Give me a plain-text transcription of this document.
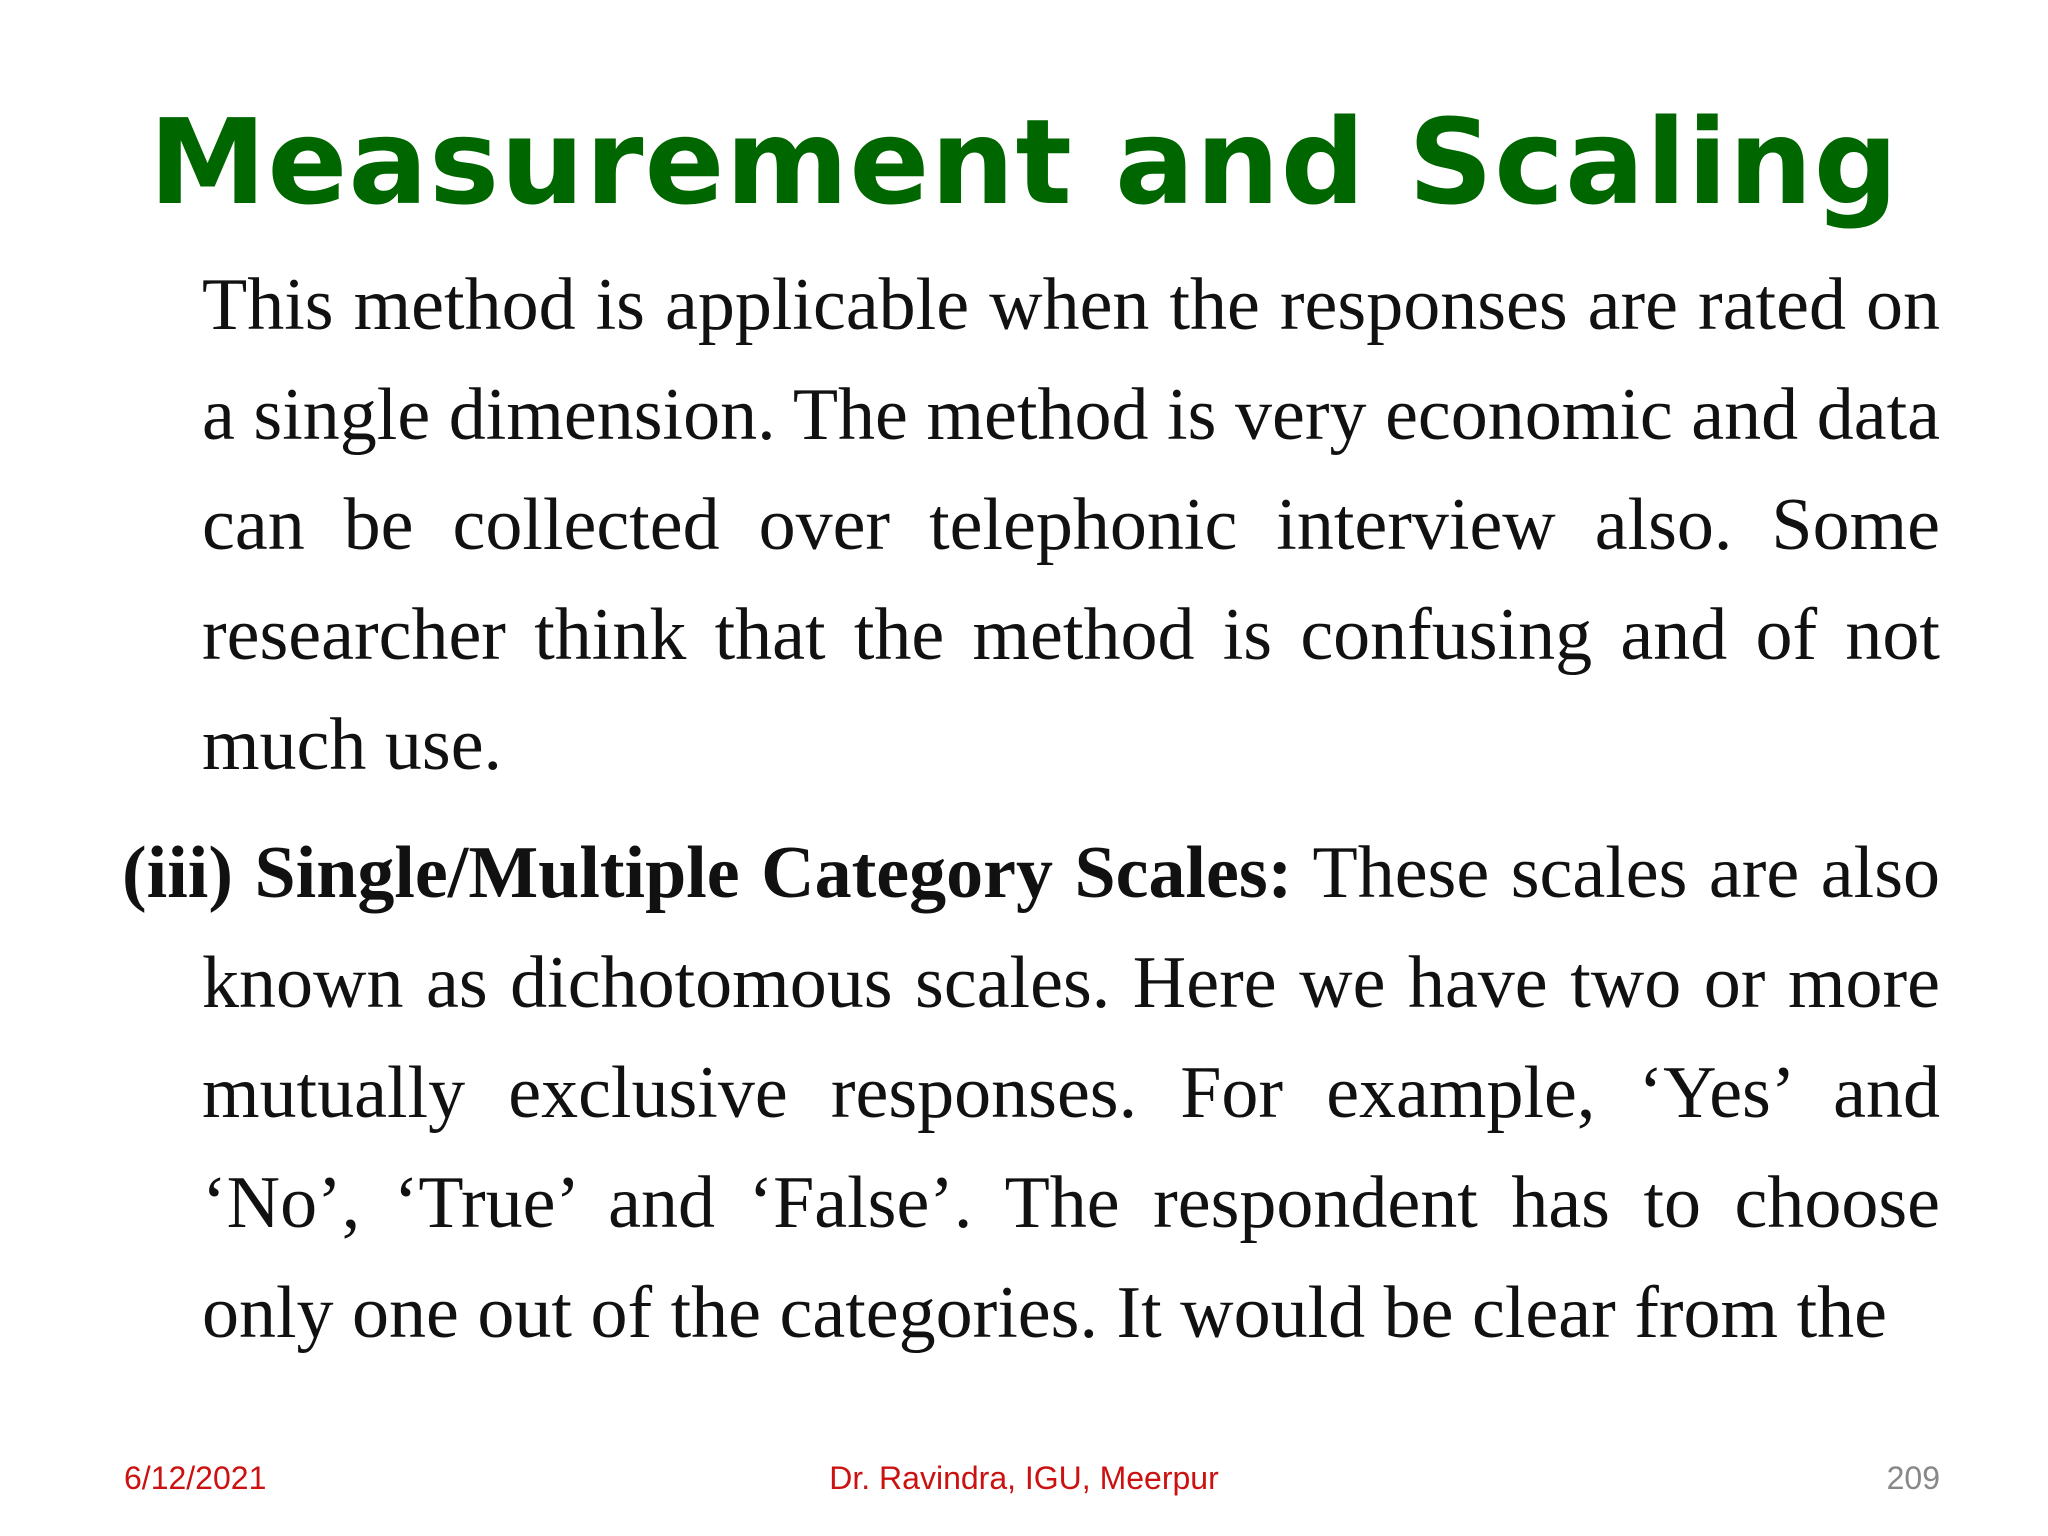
Measurement and Scaling

This method is applicable when the responses are rated on a single dimension. The method is very economic and data can be collected over telephonic interview also. Some researcher think that the method is confusing and of not much use.

(iii) Single/Multiple Category Scales: These scales are also known as dichotomous scales. Here we have two or more mutually exclusive responses. For example, ‘Yes’ and ‘No’, ‘True’ and ‘False’. The respondent has to choose only one out of the categories. It would be clear from the

6/12/2021	Dr. Ravindra, IGU, Meerpur	209
